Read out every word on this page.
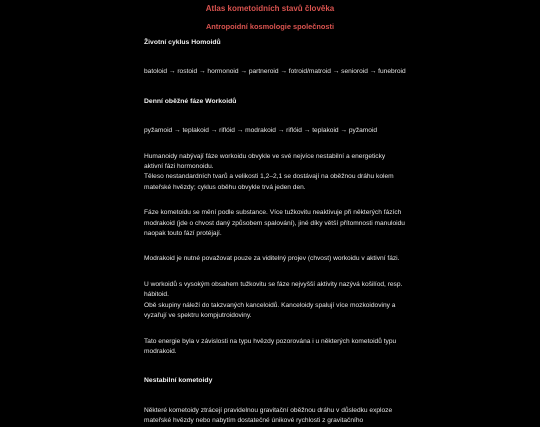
Atlas kometoidních stavů člověka
Antropoidní kosmologie společnosti
Životní cyklus Homoidů

batoloid → rostoid → hormonoid → partneroid → fotroid/matroid → senioroid → funebroid

Denní oběžné fáze Workoidů

pyžamoid → teplakoid → riflóid → modrakoid → riflóid → teplakoid → pyžamoid

Humanoidy nabývají fáze workoidu obvykle ve své nejvíce nestabilní a energeticky aktivní fázi hormonoidu.

Těleso nestandardních tvarů a velikosti 1,2–2,1 se dostávají na oběžnou dráhu kolem mateřské hvězdy; cyklus oběhu obvykle trvá jeden den.

Fáze kometoidu se mění podle substance. Více tužkovitu neaktivuje při některých fázích modrakoid (jde o chvost daný způsobem spalování), jiné díky větší přítomnosti manuloidu naopak touto fází protéjají.

Modrakoid je nutné považovat pouze za viditelný projev (chvost) workoidu v aktivní fázi.

U workoidů s vysokým obsahem tužkovitu se fáze nejvyšší aktivity nazývá košilíod, resp. hábitoid.

Obě skupiny náleží do takzvaných kanceloidů. Kanceloidy spalují více mozkoidoviny a vyzařují ve spektru kompjutroidoviny.

Tato energie byla v závislosti na typu hvězdy pozorována i u některých kometoidů typu modrakoid.

Nestabilní kometoidy

Některé kometoidy ztrácejí pravidelnou gravitační oběžnou dráhu v důsledku exploze mateřské hvězdy nebo nabytím dostatečné únikové rychlosti z gravitačního
